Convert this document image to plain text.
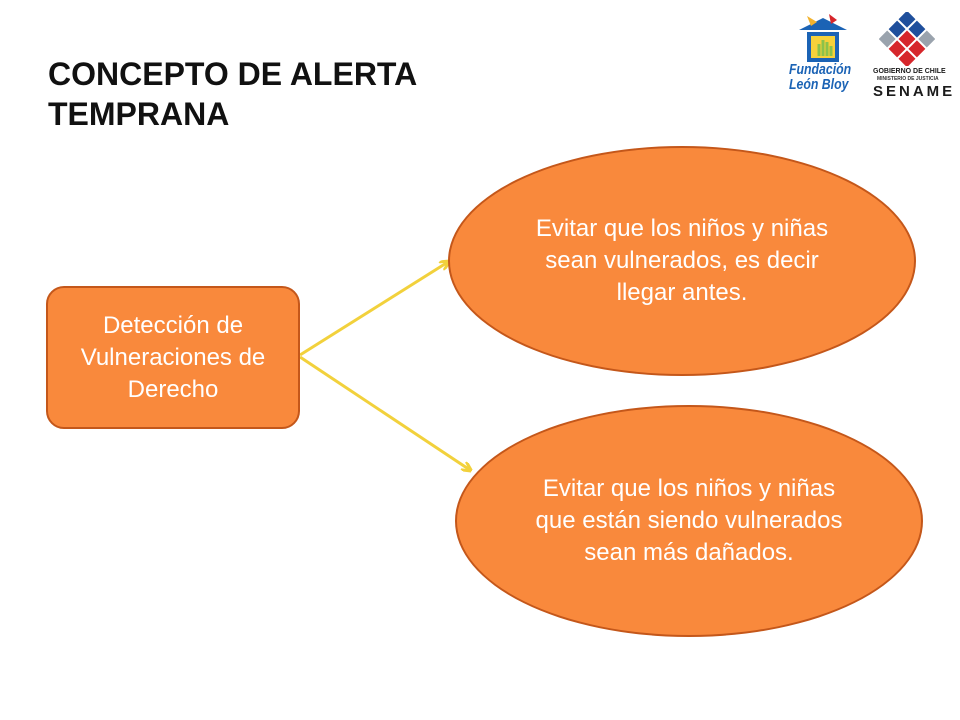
CONCEPTO DE ALERTA
TEMPRANA
Fundación
León Bloy
GOBIERNO DE CHILE
MINISTERIO DE JUSTICIA
SENAME
Detección de Vulneraciones de Derecho
Evitar que los niños y niñas sean vulnerados, es decir llegar antes.
Evitar que los niños y niñas que están siendo vulnerados sean más dañados.
